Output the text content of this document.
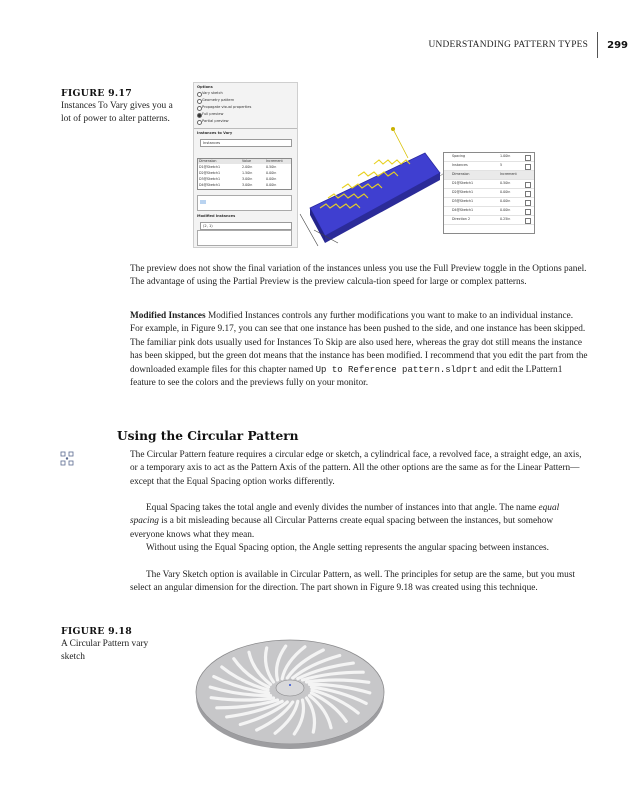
UNDERSTANDING PATTERN TYPES 299
FIGURE 9.17
Instances To Vary gives you a lot of power to alter patterns.
Options
Vary sketch
Geometry pattern
Propagate visual properties
Full preview
Partial preview
Instances to Vary
Instances
Dimension	Value	Increment
D1@Sketch1	2.00in	0.50in
D2@Sketch1	1.50in	0.00in
D3@Sketch1	3.00in	0.00in
D4@Sketch1	3.00in	0.00in
Modified Instances
(2, 1)
Spacing	1.00in
Instances	5
Dimension	Increment
D1@Sketch1	0.50in
D2@Sketch1	0.00in
D3@Sketch1	0.00in
D4@Sketch1	0.00in
Direction 2	0.25in
The preview does not show the final variation of the instances unless you use the Full Preview toggle in the Options panel. The advantage of using the Partial Preview is the preview calcula-tion speed for large or complex patterns.
Modified Instances Modified Instances controls any further modifications you want to make to an individual instance. For example, in Figure 9.17, you can see that one instance has been pushed to the side, and one instance has been skipped. The familiar pink dots usually used for Instances To Skip are also used here, whereas the gray dot still means the instance has been skipped, but the green dot means that the instance has been modified. I recommend that you edit the part from the downloaded example files for this chapter named Up to Reference pattern.sldprt and edit the LPattern1 feature to see the colors and the previews fully on your monitor.
Using the Circular Pattern
The Circular Pattern feature requires a circular edge or sketch, a cylindrical face, a revolved face, a straight edge, an axis, or a temporary axis to act as the Pattern Axis of the pattern. All the other options are the same as for the Linear Pattern—except that the Equal Spacing option works differently.
Equal Spacing takes the total angle and evenly divides the number of instances into that angle. The name equal spacing is a bit misleading because all Circular Patterns create equal spacing between the instances, but somehow everyone knows what they mean.
Without using the Equal Spacing option, the Angle setting represents the angular spacing between instances.
The Vary Sketch option is available in Circular Pattern, as well. The principles for setup are the same, but you must select an angular dimension for the direction. The part shown in Figure 9.18 was created using this technique.
FIGURE 9.18
A Circular Pattern vary sketch
